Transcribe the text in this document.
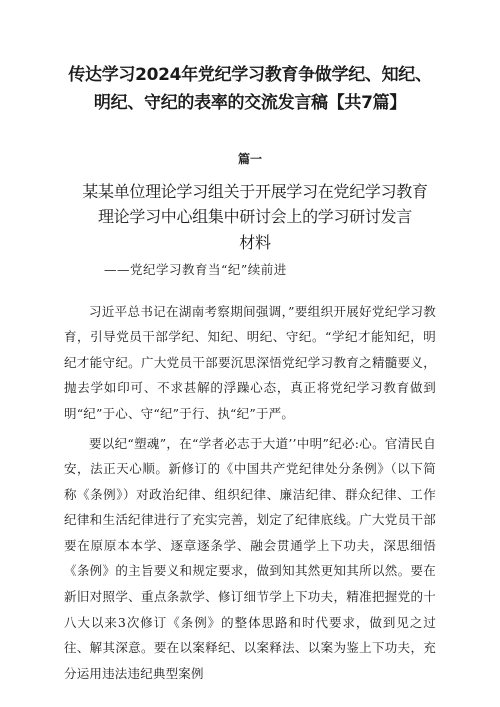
传达学习2024年党纪学习教育争做学纪、知纪、
明纪、守纪的表率的交流发言稿【共7篇】
篇一
某某单位理论学习组关于开展学习在党纪学习教育
理论学习中心组集中研讨会上的学习研讨发言
材料
——党纪学习教育当“纪”续前进

习近平总书记在湖南考察期间强调，”要组织开展好党纪学习教育，引导党员干部学纪、知纪、明纪、守纪。“学纪才能知纪，明纪才能守纪。广大党员干部要沉思深悟党纪学习教育之精髓要义，抛去学如印可、不求甚解的浮躁心态，真正将党纪学习教育做到明“纪”于心、守“纪”于行、执“纪”于严。

要以纪“塑魂”，在“学者必志于大道’’中明”纪必:心。官清民自安，法正天心顺。新修订的《中国共产党纪律处分条例》（以下简称《条例》）对政治纪律、组织纪律、廉洁纪律、群众纪律、工作纪律和生活纪律进行了充实完善，划定了纪律底线。广大党员干部要在原原本本学、逐章逐条学、融会贯通学上下功夫，深思细悟《条例》的主旨要义和规定要求，做到知其然更知其所以然。要在新旧对照学、重点条款学、修订细节学上下功夫，精准把握党的十八大以来3次修订《条例》的整体思路和时代要求，做到见之过往、解其深意。要在以案释纪、以案释法、以案为鉴上下功夫，充分运用违法违纪典型案例
